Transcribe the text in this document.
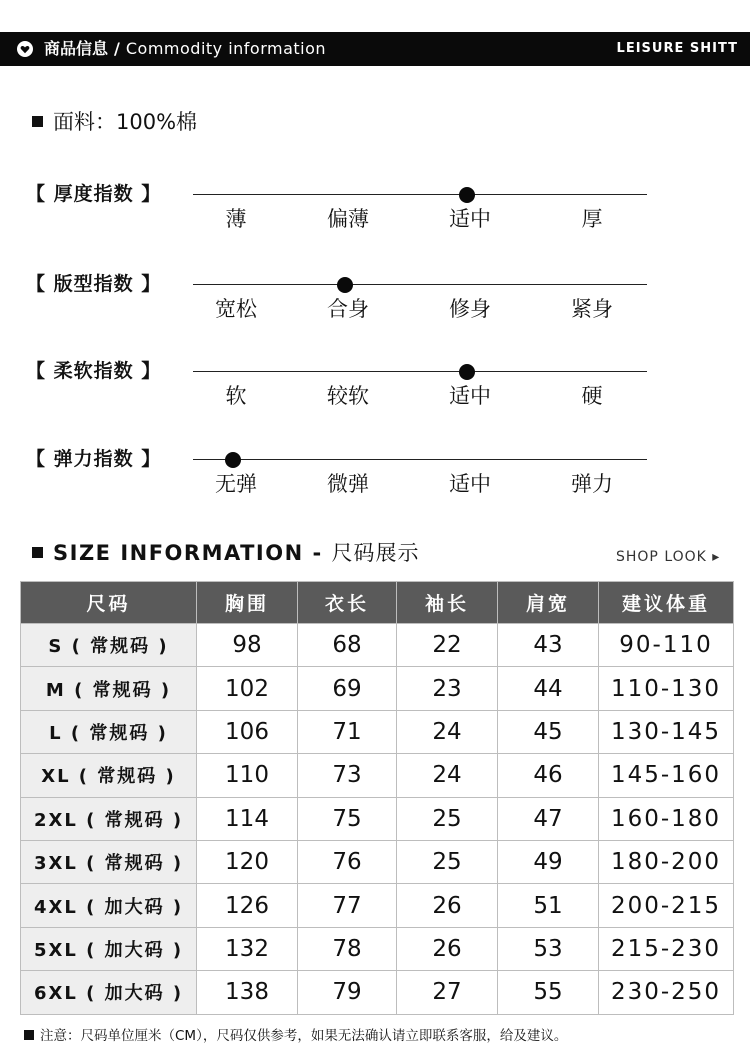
商品信息 / Commodity information	LEISURE SHITT
面料：100%棉
【 厚度指数 】
薄	偏薄	适中	厚
【 版型指数 】
宽松	合身	修身	紧身
【 柔软指数 】
软	较软	适中	硬
【 弹力指数 】
无弹	微弹	适中	弹力
SIZE INFORMATION - 尺码展示	SHOP LOOK ▸
尺码	胸围	衣长	袖长	肩宽	建议体重
S ( 常规码 )	98	68	22	43	90-110
M ( 常规码 )	102	69	23	44	110-130
L ( 常规码 )	106	71	24	45	130-145
XL ( 常规码 )	110	73	24	46	145-160
2XL ( 常规码 )	114	75	25	47	160-180
3XL ( 常规码 )	120	76	25	49	180-200
4XL ( 加大码 )	126	77	26	51	200-215
5XL ( 加大码 )	132	78	26	53	215-230
6XL ( 加大码 )	138	79	27	55	230-250
注意：尺码单位厘米（CM），尺码仅供参考，如果无法确认请立即联系客服，给及建议。
